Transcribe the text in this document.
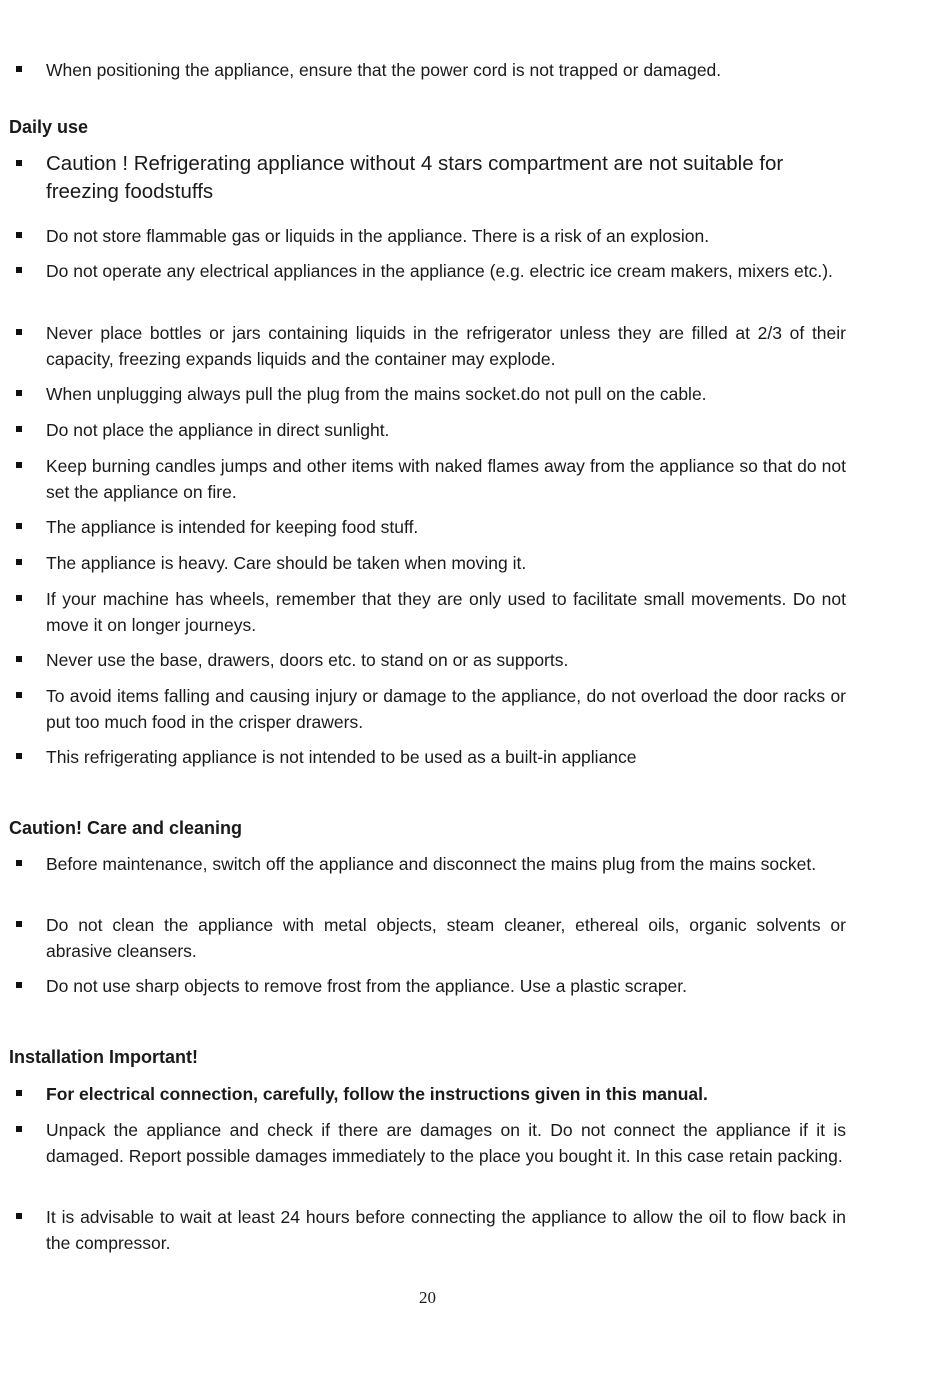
When positioning the appliance, ensure that the power cord is not trapped or damaged.
Daily use
Caution ! Refrigerating appliance without 4 stars compartment are not suitable for freezing foodstuffs
Do not store flammable gas or liquids in the appliance. There is a risk of an explosion.
Do not operate any electrical appliances in the appliance (e.g. electric ice cream makers, mixers etc.).
Never place bottles or jars containing liquids in the refrigerator unless they are filled at 2/3 of their capacity, freezing expands liquids and the container may explode.
When unplugging always pull the plug from the mains socket.do not pull on the cable.
Do not place the appliance in direct sunlight.
Keep burning candles jumps and other items with naked flames away from the appliance so that do not set the appliance on fire.
The appliance is intended for keeping food stuff.
The appliance is heavy. Care should be taken when moving it.
If your machine has wheels, remember that they are only used to facilitate small movements. Do not move it on longer journeys.
Never use the base, drawers, doors etc. to stand on or as supports.
To avoid items falling and causing injury or damage to the appliance, do not overload the door racks or put too much food in the crisper drawers.
This refrigerating appliance is not intended to be used as a built-in appliance
Caution! Care and cleaning
Before maintenance, switch off the appliance and disconnect the mains plug from the mains socket.
Do not clean the appliance with metal objects, steam cleaner, ethereal oils, organic solvents or abrasive cleansers.
Do not use sharp objects to remove frost from the appliance. Use a plastic scraper.
Installation Important!
For electrical connection, carefully, follow the instructions given in this manual.
Unpack the appliance and check if there are damages on it. Do not connect the appliance if it is damaged. Report possible damages immediately to the place you bought it. In this case retain packing.
It is advisable to wait at least 24 hours before connecting the appliance to allow the oil to flow back in the compressor.
20
